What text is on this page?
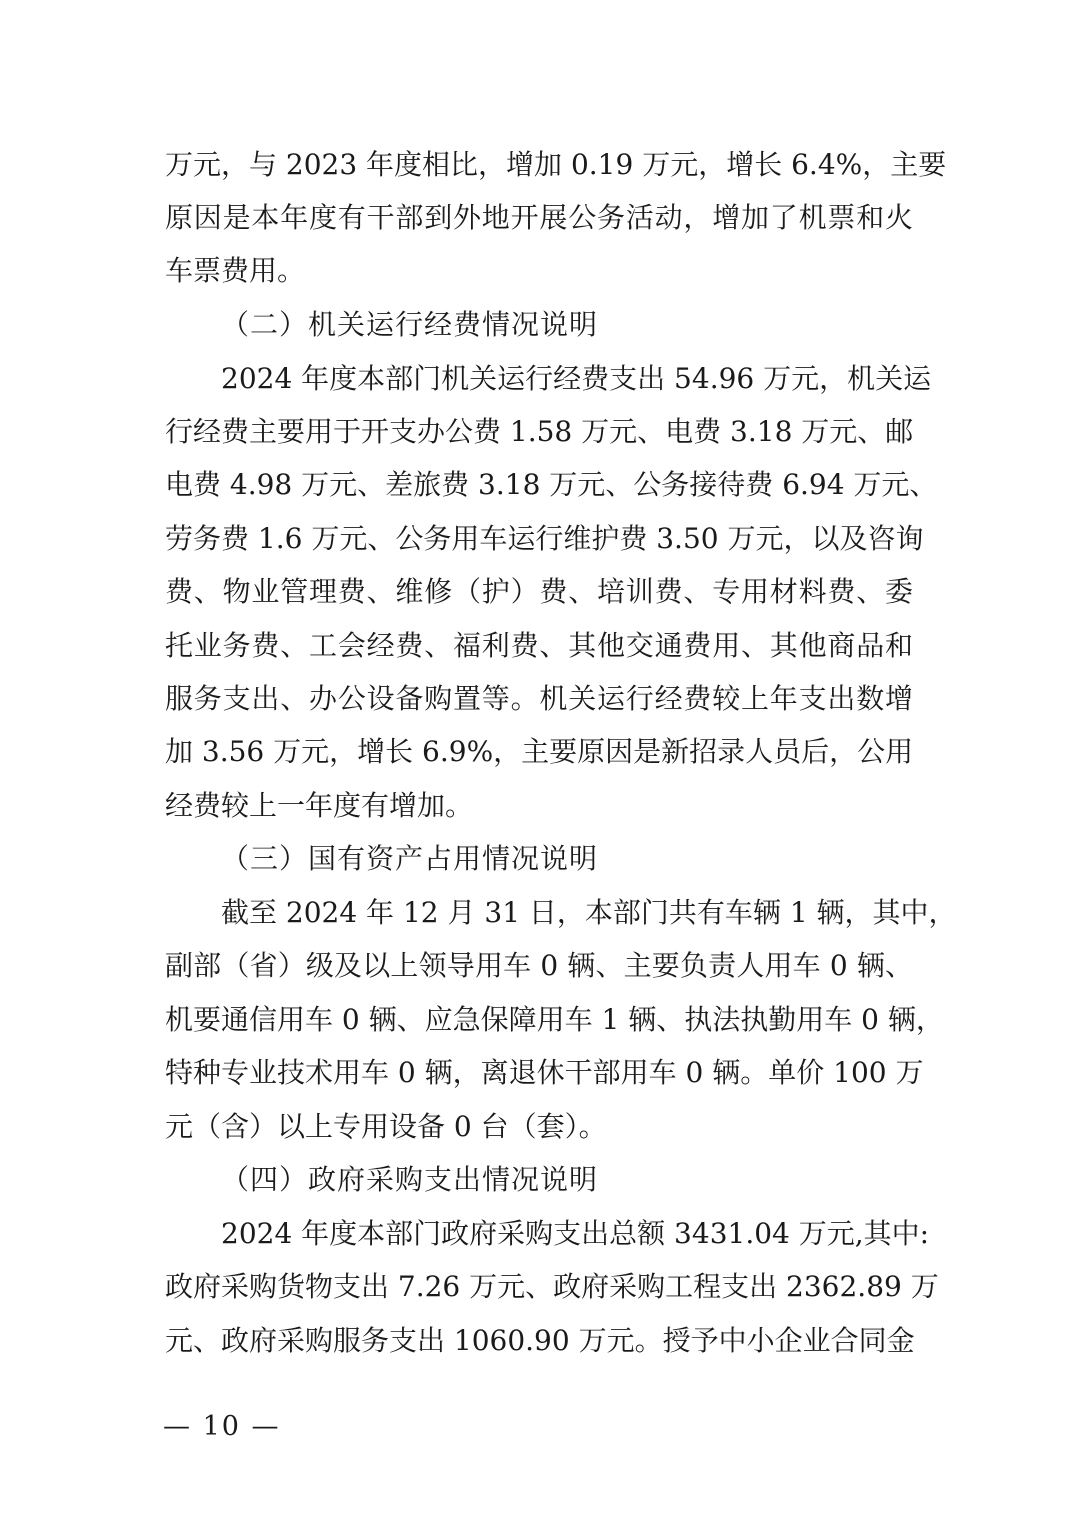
万元，与 2023 年度相比，增加 0.19 万元，增长 6.4%，主要
原因是本年度有干部到外地开展公务活动，增加了机票和火
车票费用。
（二）机关运行经费情况说明
2024 年度本部门机关运行经费支出 54.96 万元，机关运
行经费主要用于开支办公费 1.58 万元、电费 3.18 万元、邮
电费 4.98 万元、差旅费 3.18 万元、公务接待费 6.94 万元、
劳务费 1.6 万元、公务用车运行维护费 3.50 万元，以及咨询
费、物业管理费、维修（护）费、培训费、专用材料费、委
托业务费、工会经费、福利费、其他交通费用、其他商品和
服务支出、办公设备购置等。机关运行经费较上年支出数增
加 3.56 万元，增长 6.9%，主要原因是新招录人员后，公用
经费较上一年度有增加。
（三）国有资产占用情况说明
截至 2024 年 12 月 31 日，本部门共有车辆 1 辆，其中，
副部（省）级及以上领导用车 0 辆、主要负责人用车 0 辆、
机要通信用车 0 辆、应急保障用车 1 辆、执法执勤用车 0 辆，
特种专业技术用车 0 辆，离退休干部用车 0 辆。单价 100 万
元（含）以上专用设备 0 台（套）。
（四）政府采购支出情况说明
2024 年度本部门政府采购支出总额 3431.04 万元,其中:
政府采购货物支出 7.26 万元、政府采购工程支出 2362.89 万
元、政府采购服务支出 1060.90 万元。授予中小企业合同金
— 10 —
